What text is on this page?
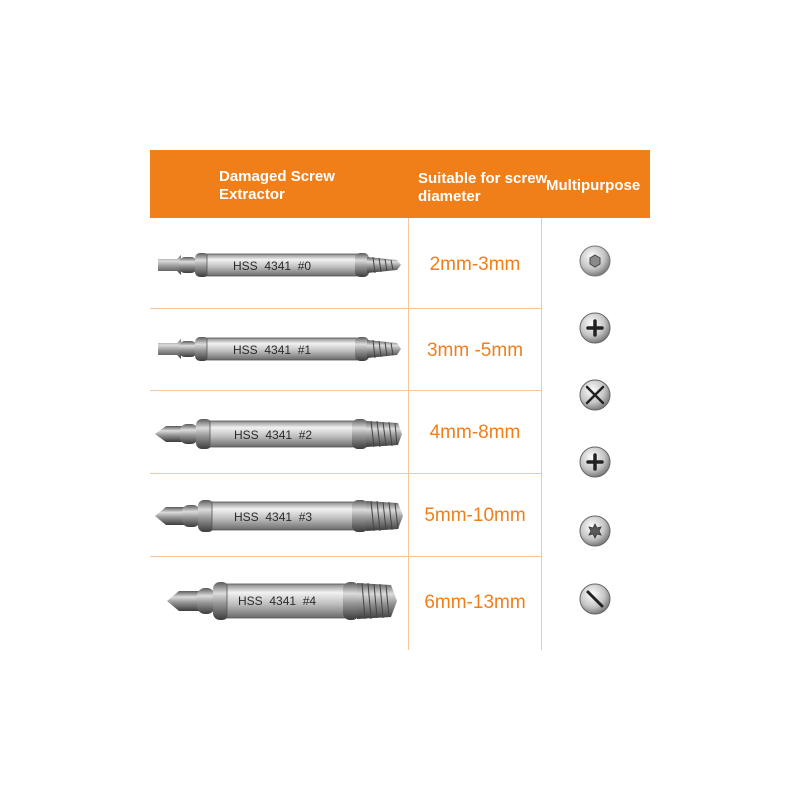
Damaged Screw Extractor
Suitable for screw diameter
Multipurpose
2mm-3mm
3mm -5mm
4mm-8mm
5mm-10mm
6mm-13mm
HSS  4341  #0
HSS  4341  #1
HSS  4341  #2
HSS  4341  #3
HSS  4341  #4
